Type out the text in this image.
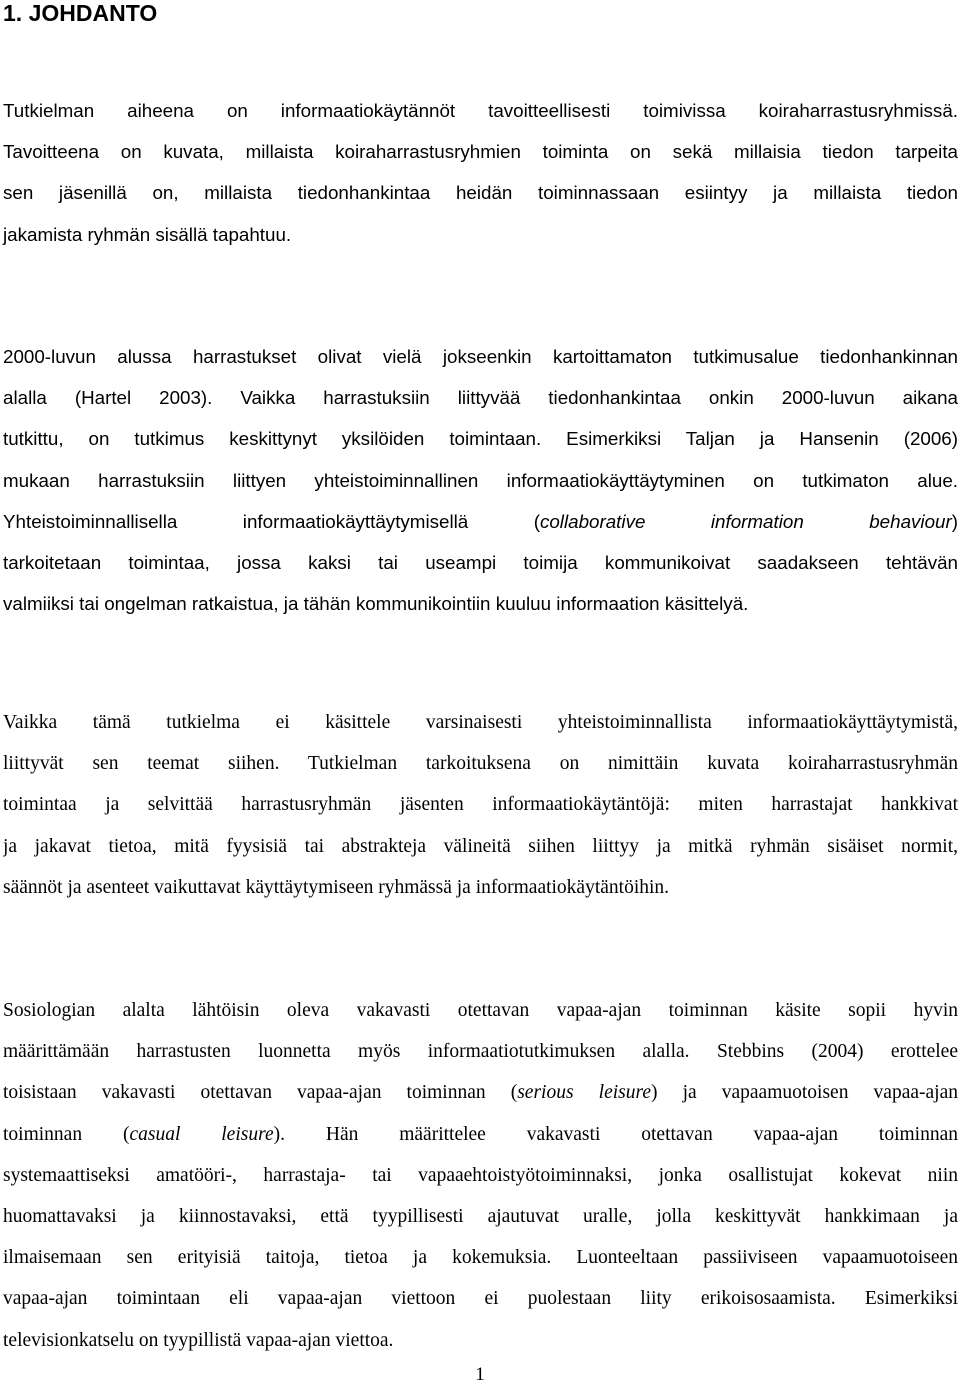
1. JOHDANTO
Tutkielman aiheena on informaatiokäytännöt tavoitteellisesti toimivissa koiraharrastusryhmissä.
Tavoitteena on kuvata, millaista koiraharrastusryhmien toiminta on sekä millaisia tiedon tarpeita
sen jäsenillä on, millaista tiedonhankintaa heidän toiminnassaan esiintyy ja millaista tiedon
jakamista ryhmän sisällä tapahtuu.
2000-luvun alussa harrastukset olivat vielä jokseenkin kartoittamaton tutkimusalue tiedonhankinnan
alalla (Hartel 2003). Vaikka harrastuksiin liittyvää tiedonhankintaa onkin 2000-luvun aikana
tutkittu, on tutkimus keskittynyt yksilöiden toimintaan. Esimerkiksi Taljan ja Hansenin (2006)
mukaan harrastuksiin liittyen yhteistoiminnallinen informaatiokäyttäytyminen on tutkimaton alue.
Yhteistoiminnallisella informaatiokäyttäytymisellä (collaborative information behaviour)
tarkoitetaan toimintaa, jossa kaksi tai useampi toimija kommunikoivat saadakseen tehtävän
valmiiksi tai ongelman ratkaistua, ja tähän kommunikointiin kuuluu informaation käsittelyä.
Vaikka tämä tutkielma ei käsittele varsinaisesti yhteistoiminnallista informaatiokäyttäytymistä,
liittyvät sen teemat siihen. Tutkielman tarkoituksena on nimittäin kuvata koiraharrastusryhmän
toimintaa ja selvittää harrastusryhmän jäsenten informaatiokäytäntöjä: miten harrastajat hankkivat
ja jakavat tietoa, mitä fyysisiä tai abstrakteja välineitä siihen liittyy ja mitkä ryhmän sisäiset normit,
säännöt ja asenteet vaikuttavat käyttäytymiseen ryhmässä ja informaatiokäytäntöihin.
Sosiologian alalta lähtöisin oleva vakavasti otettavan vapaa-ajan toiminnan käsite sopii hyvin
määrittämään harrastusten luonnetta myös informaatiotutkimuksen alalla. Stebbins (2004) erottelee
toisistaan vakavasti otettavan vapaa-ajan toiminnan (serious leisure) ja vapaamuotoisen vapaa-ajan
toiminnan (casual leisure). Hän määrittelee vakavasti otettavan vapaa-ajan toiminnan
systemaattiseksi amatööri-, harrastaja- tai vapaaehtoistyötoiminnaksi, jonka osallistujat kokevat niin
huomattavaksi ja kiinnostavaksi, että tyypillisesti ajautuvat uralle, jolla keskittyvät hankkimaan ja
ilmaisemaan sen erityisiä taitoja, tietoa ja kokemuksia. Luonteeltaan passiiviseen vapaamuotoiseen
vapaa-ajan toimintaan eli vapaa-ajan viettoon ei puolestaan liity erikoisosaamista. Esimerkiksi
televisionkatselu on tyypillistä vapaa-ajan viettoa.
1
